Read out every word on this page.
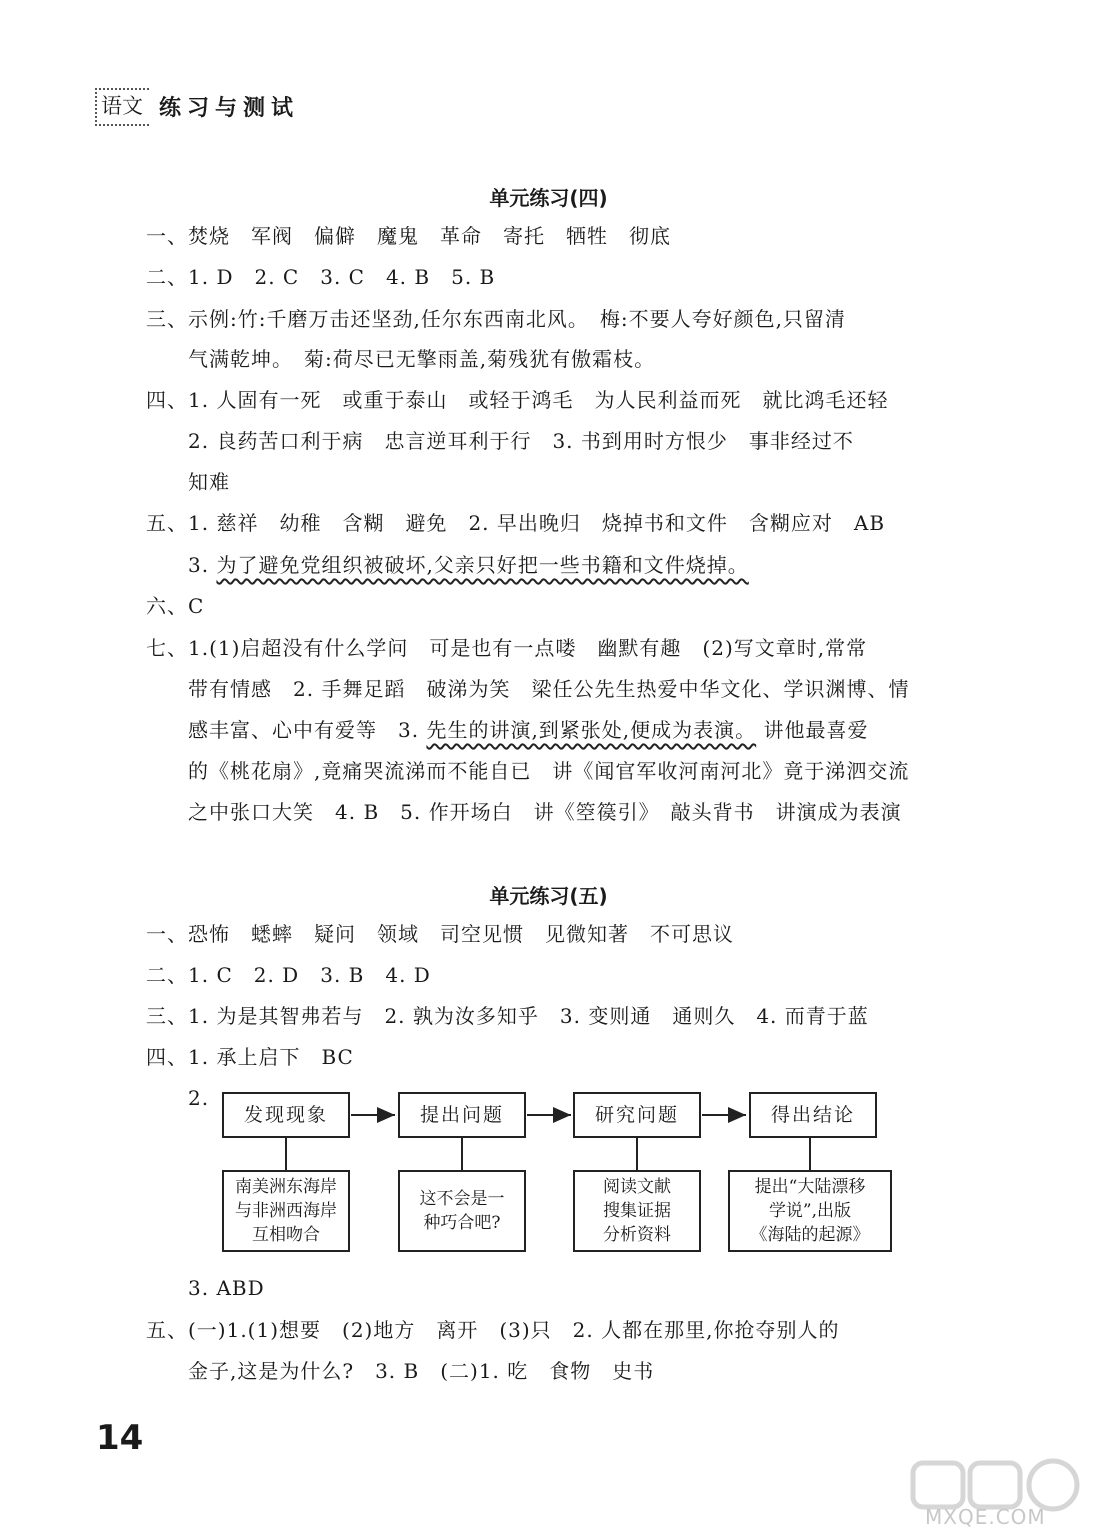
语文 练习与测试
单元练习(四)
一、焚烧　军阀　偏僻　魔鬼　革命　寄托　牺牲　彻底
二、1. D　2. C　3. C　4. B　5. B
三、示例:竹:千磨万击还坚劲,任尔东西南北风。　梅:不要人夸好颜色,只留清
气满乾坤。　菊:荷尽已无擎雨盖,菊残犹有傲霜枝。
四、1. 人固有一死　或重于泰山　或轻于鸿毛　为人民利益而死　就比鸿毛还轻
2. 良药苦口利于病　忠言逆耳利于行　3. 书到用时方恨少　事非经过不
知难
五、1. 慈祥　幼稚　含糊　避免　2. 早出晚归　烧掉书和文件　含糊应对　AB
3. 为了避免党组织被破坏,父亲只好把一些书籍和文件烧掉。
六、C
七、1.(1)启超没有什么学问　可是也有一点喽　幽默有趣　(2)写文章时,常常
带有情感　2. 手舞足蹈　破涕为笑　梁任公先生热爱中华文化、学识渊博、情
感丰富、心中有爱等　3. 先生的讲演,到紧张处,便成为表演。 讲他最喜爱
的《桃花扇》,竟痛哭流涕而不能自已　讲《闻官军收河南河北》竟于涕泗交流
之中张口大笑　4. B　5. 作开场白　讲《箜篌引》　敲头背书　讲演成为表演
单元练习(五)
一、恐怖　蟋蟀　疑问　领域　司空见惯　见微知著　不可思议
二、1. C　2. D　3. B　4. D
三、1. 为是其智弗若与　2. 孰为汝多知乎　3. 变则通　通则久　4. 而青于蓝
四、1. 承上启下　BC
2.
发现现象	提出问题	研究问题	得出结论
南美洲东海岸
与非洲西海岸
互相吻合
这不会是一
种巧合吧?
阅读文献
搜集证据
分析资料
提出“大陆漂移
学说”,出版
《海陆的起源》
3. ABD
五、(一)1.(1)想要　(2)地方　离开　(3)只　2. 人都在那里,你抢夺别人的
金子,这是为什么?　3. B　(二)1. 吃　食物　史书
14
MXQE.COM
